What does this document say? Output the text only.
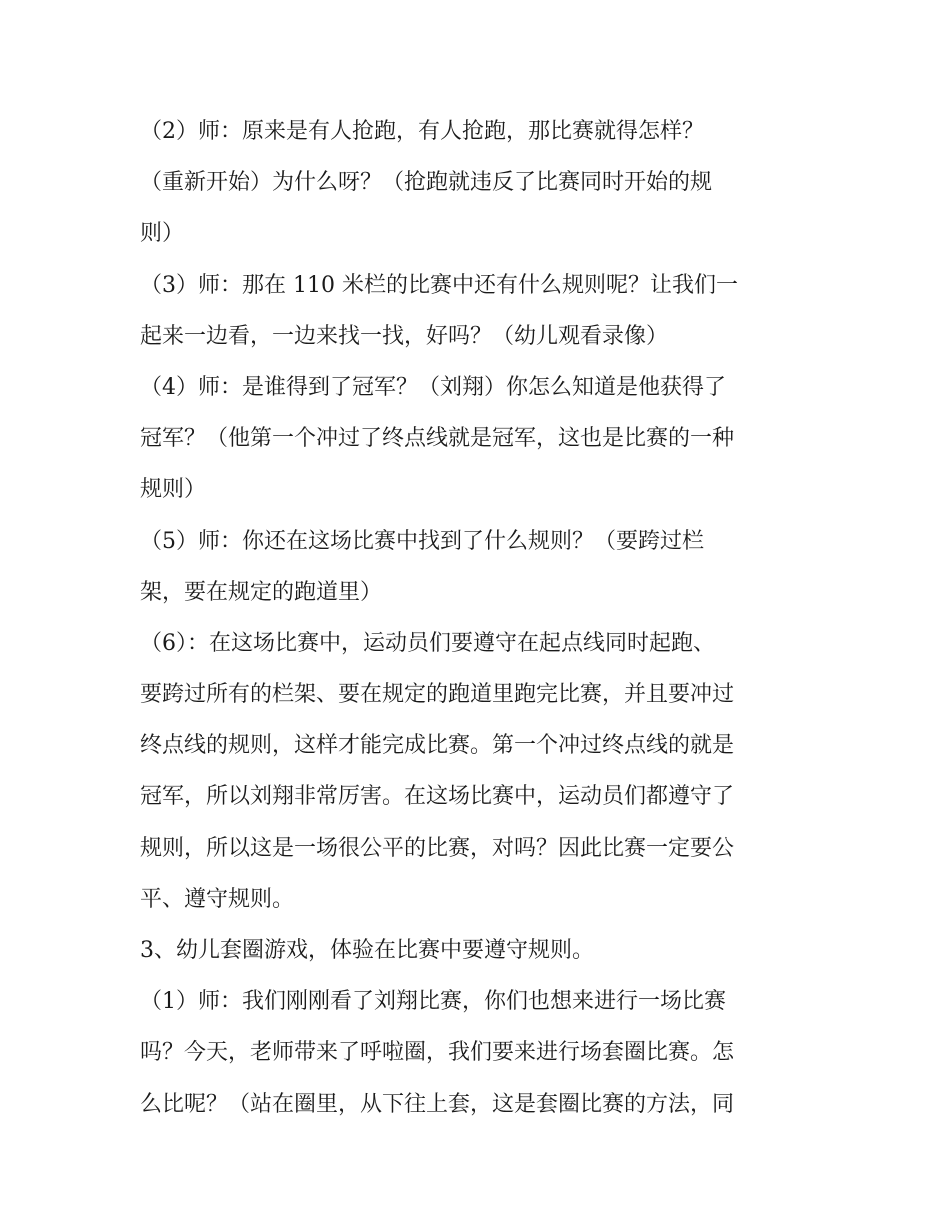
（2）师：原来是有人抢跑，有人抢跑，那比赛就得怎样？
（重新开始）为什么呀？（抢跑就违反了比赛同时开始的规
则）
（3）师：那在 110 米栏的比赛中还有什么规则呢？让我们一
起来一边看，一边来找一找，好吗？（幼儿观看录像）
（4）师：是谁得到了冠军？（刘翔）你怎么知道是他获得了
冠军？（他第一个冲过了终点线就是冠军，这也是比赛的一种
规则）
（5）师：你还在这场比赛中找到了什么规则？（要跨过栏
架，要在规定的跑道里）
（6）：在这场比赛中，运动员们要遵守在起点线同时起跑、
要跨过所有的栏架、要在规定的跑道里跑完比赛，并且要冲过
终点线的规则，这样才能完成比赛。第一个冲过终点线的就是
冠军，所以刘翔非常厉害。在这场比赛中，运动员们都遵守了
规则，所以这是一场很公平的比赛，对吗？因此比赛一定要公
平、遵守规则。
3、幼儿套圈游戏，体验在比赛中要遵守规则。
（1）师：我们刚刚看了刘翔比赛，你们也想来进行一场比赛
吗？今天，老师带来了呼啦圈，我们要来进行场套圈比赛。怎
么比呢？（站在圈里，从下往上套，这是套圈比赛的方法，同
